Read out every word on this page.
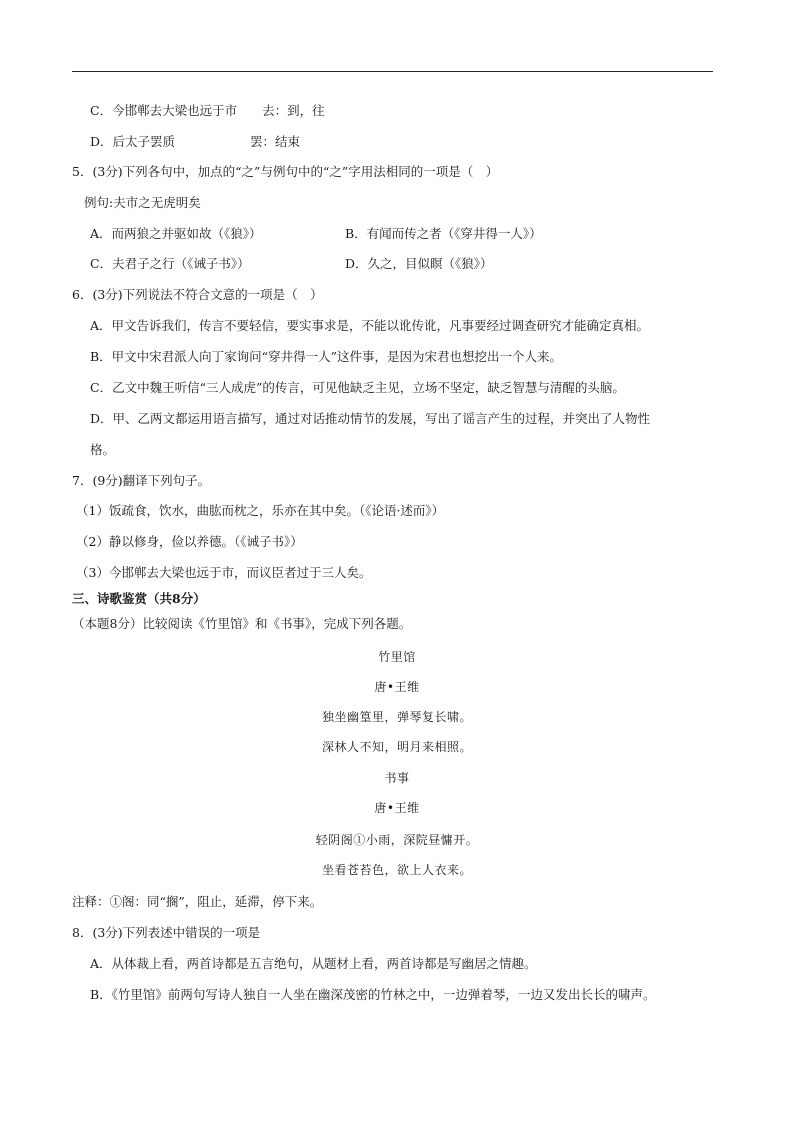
C．今邯郸去大梁也远于市　　去：到，往
D．后太子罢质　　　　　　罢：结束
5．(3分)下列各句中，加点的“之”与例句中的“之”字用法相同的一项是（　）
例句:夫市之无虎明矣
A．而两狼之并驱如故（《狼》）	B．有闻而传之者（《穿井得一人》）
C．夫君子之行（《诫子书》）	D．久之，目似瞑（《狼》）
6．(3分)下列说法不符合文意的一项是（　）
A．甲文告诉我们，传言不要轻信，要实事求是，不能以讹传讹，凡事要经过调查研究才能确定真相。
B．甲文中宋君派人向丁家询问“穿井得一人”这件事，是因为宋君也想挖出一个人来。
C．乙文中魏王听信“三人成虎”的传言，可见他缺乏主见，立场不坚定，缺乏智慧与清醒的头脑。
D．甲、乙两文都运用语言描写，通过对话推动情节的发展，写出了谣言产生的过程，并突出了人物性
格。
7．(9分)翻译下列句子。
（1）饭疏食，饮水，曲肱而枕之，乐亦在其中矣。（《论语·述而》）
（2）静以修身，俭以养德。（《诫子书》）
（3）今邯郸去大梁也远于市，而议臣者过于三人矣。
（本题8分）比较阅读《竹里馆》和《书事》，完成下列各题。
注释：①阁：同“搁”，阻止，延滞，停下来。
8．(3分)下列表述中错误的一项是
A．从体裁上看，两首诗都是五言绝句，从题材上看，两首诗都是写幽居之情趣。
B．《竹里馆》前两句写诗人独自一人坐在幽深茂密的竹林之中，一边弹着琴，一边又发出长长的啸声。
三、诗歌鉴赏（共8分）
竹里馆
唐•王维
独坐幽篁里，弹琴复长啸。
深林人不知，明月来相照。
书事
唐•王维
轻阴阁①小雨，深院昼慵开。
坐看苍苔色，欲上人衣来。
